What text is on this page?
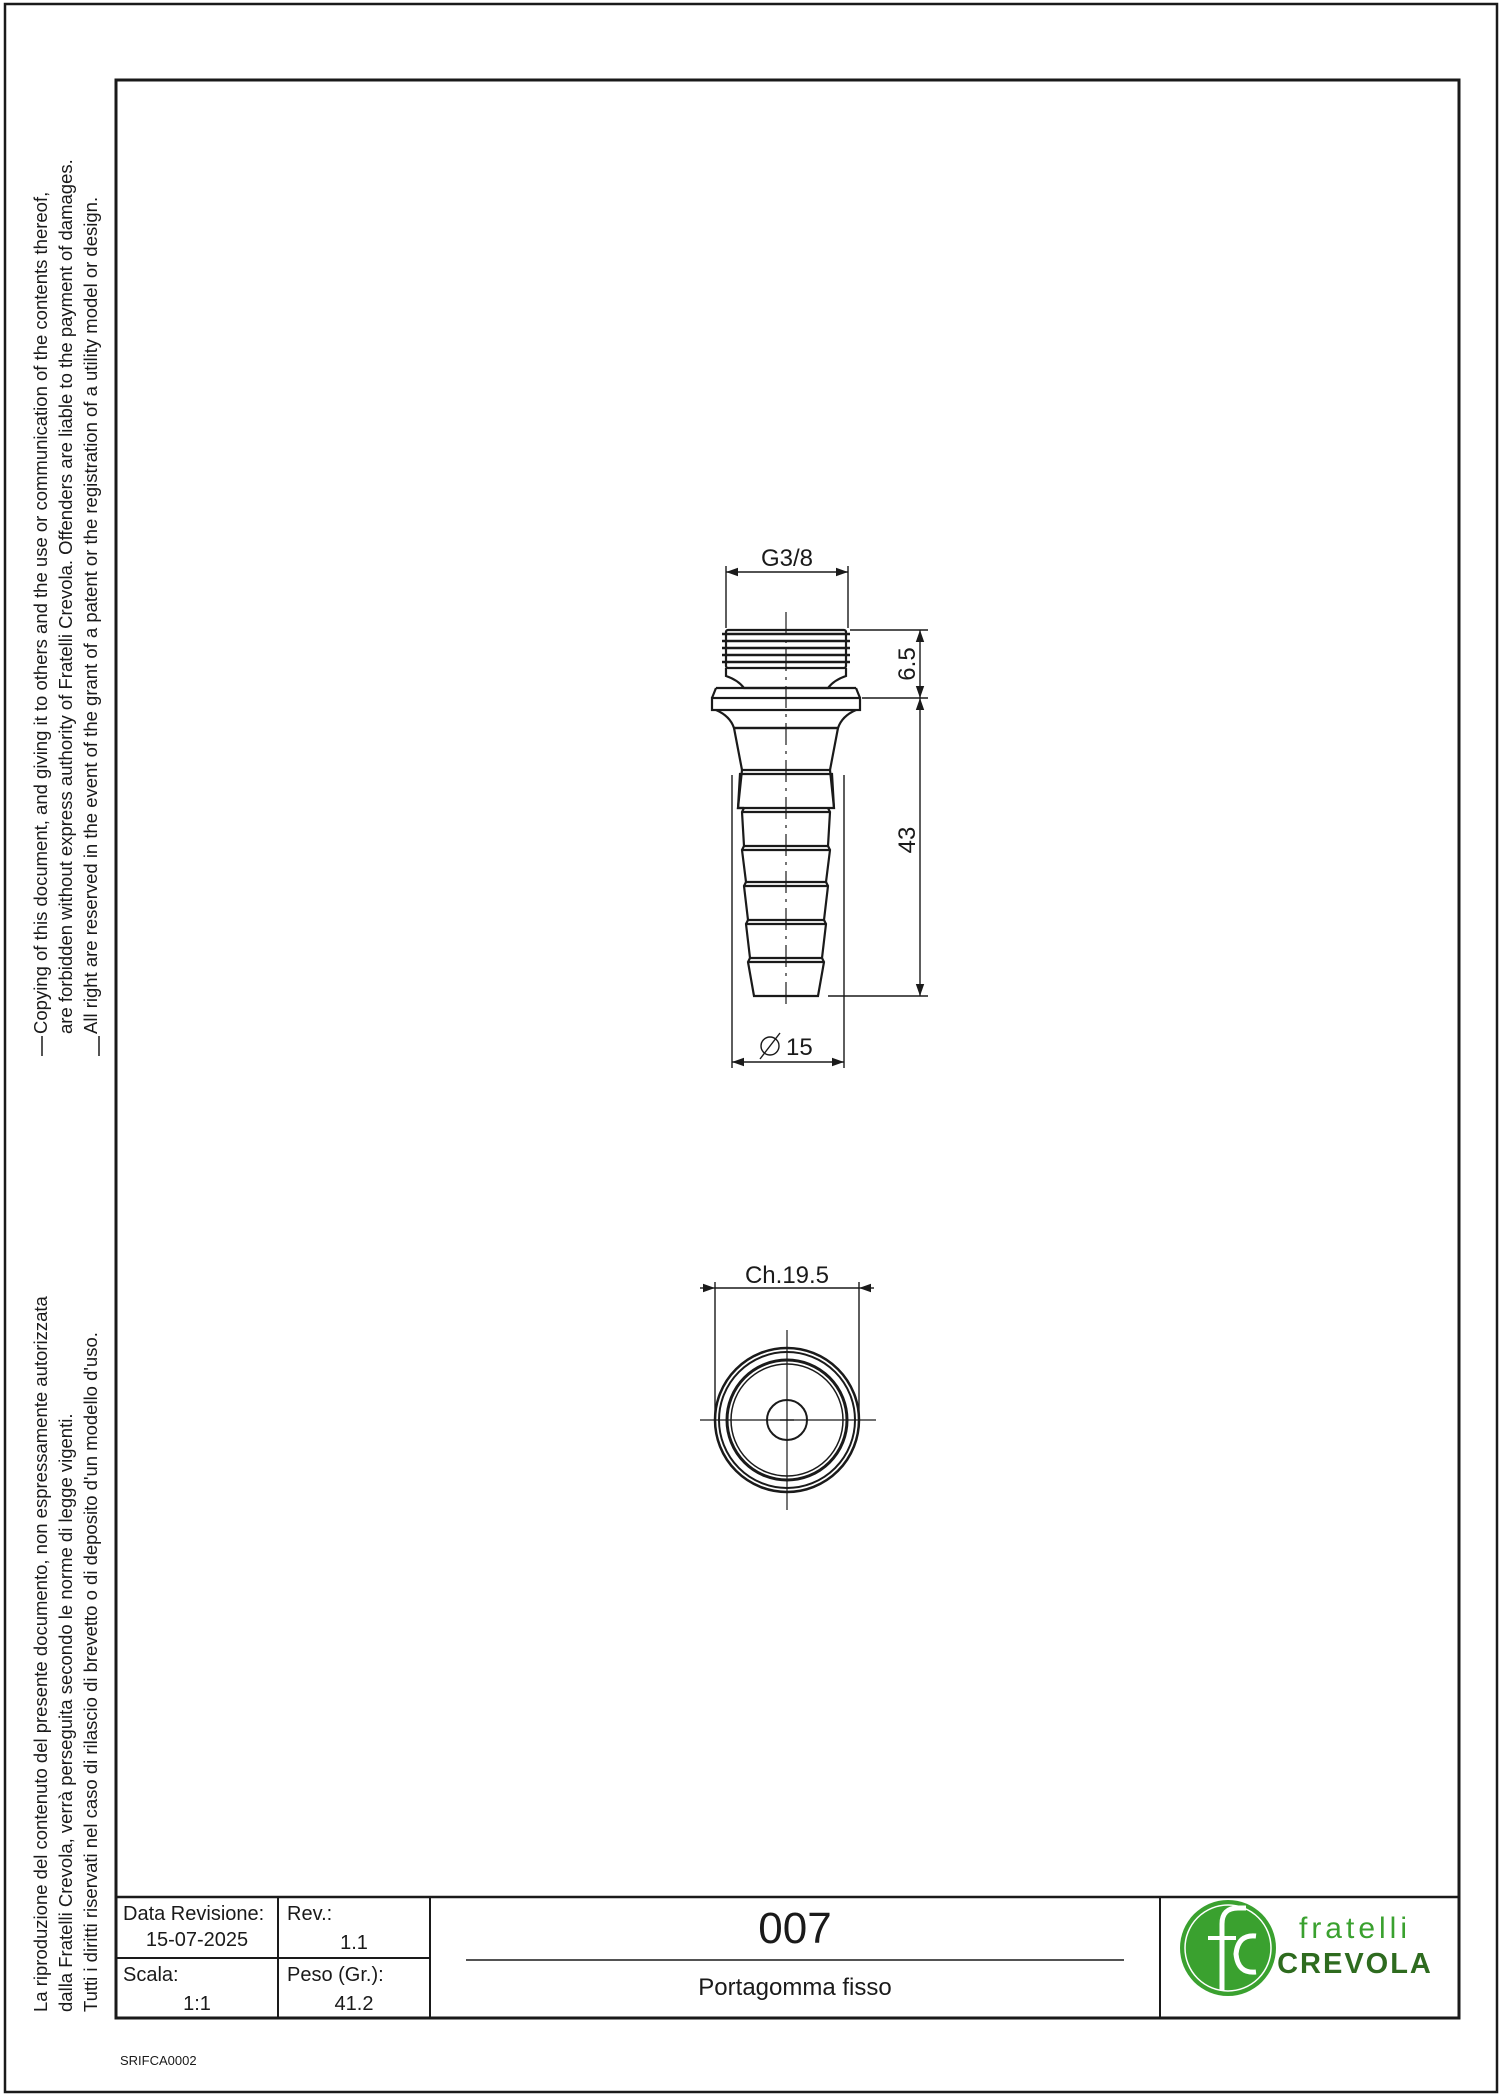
G3/8
6.5
43
15
Ch.19.5
fratelli
CREVOLA
Copying of this document, and giving it to others and the use or communication of the contents thereof, are forbidden without express authority of Fratelli Crevola. Offenders are liable to the payment of damages. All right are reserved in the event of the grant of a patent or the registration of a utility model or design.
La riproduzione del contenuto del presente documento, non espressamente autorizzata dalla Fratelli Crevola, verrà perseguita secondo le norme di legge vigenti. Tutti i diritti riservati nel caso di rilascio di brevetto o di deposito d'un modello d'uso. Data Revisione:
15-07-2025
Rev.:
1.1
Scala:
1:1
Peso (Gr.):
41.2
007
Portagomma fisso
SRIFCA0002
